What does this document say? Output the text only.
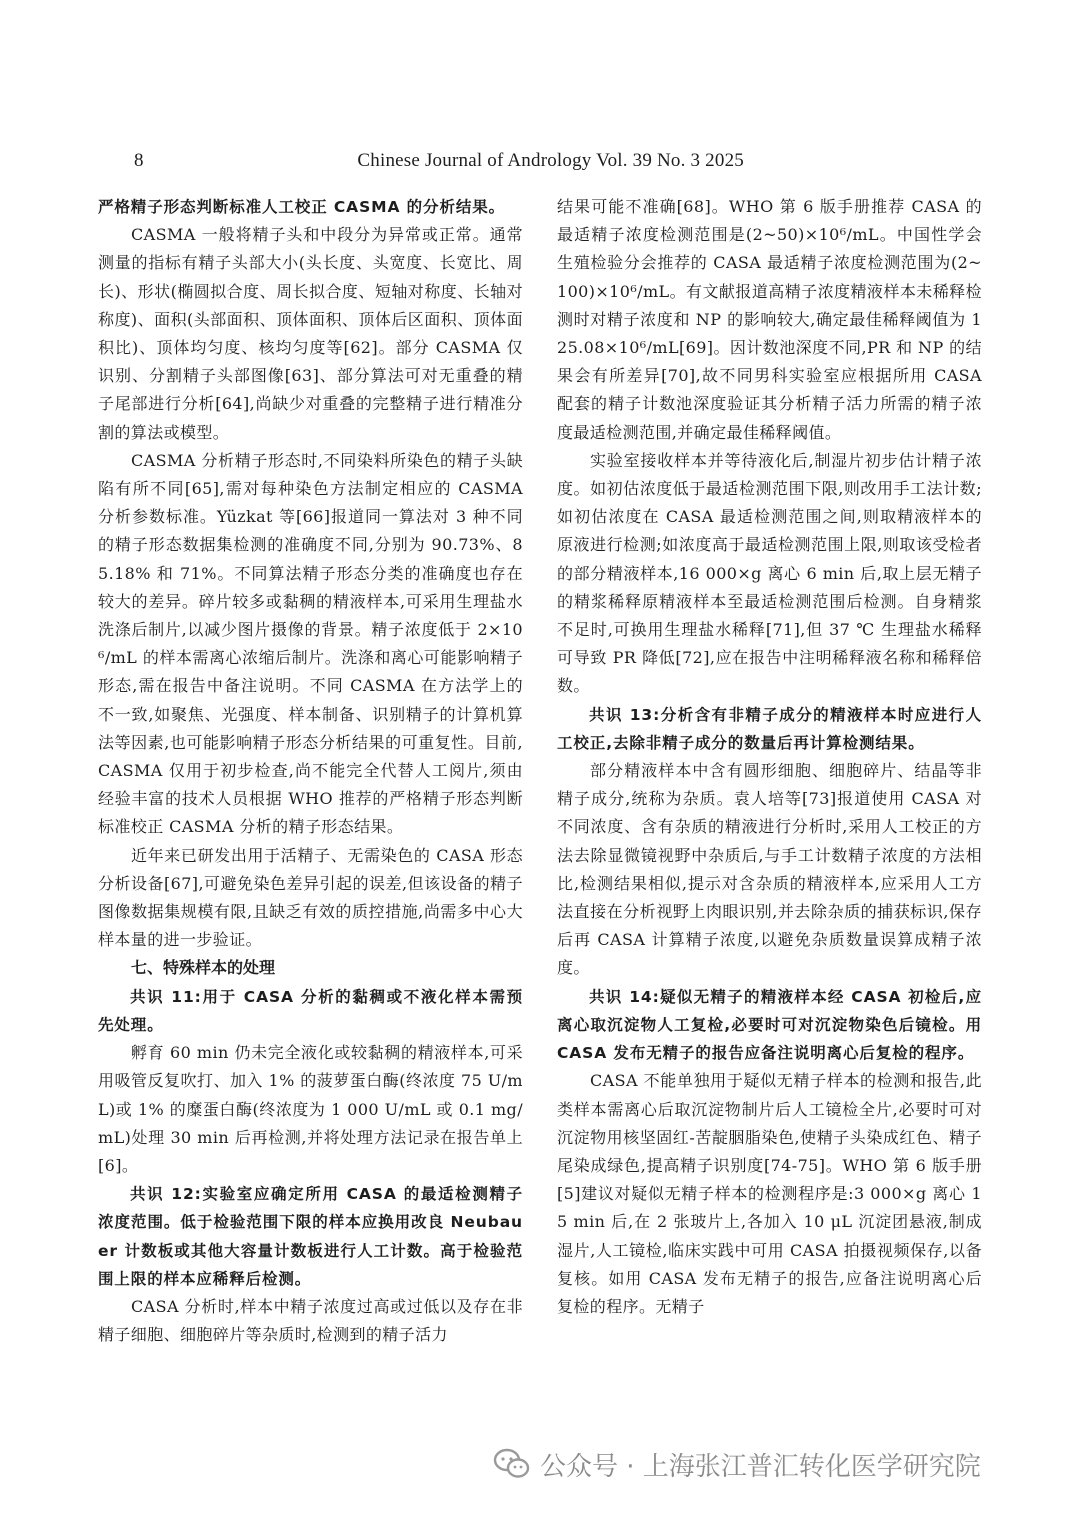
8	Chinese Journal of Andrology Vol. 39 No. 3 2025

严格精子形态判断标准人工校正 CASMA 的分析结果。

CASMA 一般将精子头和中段分为异常或正常。通常测量的指标有精子头部大小(头长度、头宽度、长宽比、周长)、形状(椭圆拟合度、周长拟合度、短轴对称度、长轴对称度)、面积(头部面积、顶体面积、顶体后区面积、顶体面积比)、顶体均匀度、核均匀度等[62]。部分 CASMA 仅识别、分割精子头部图像[63]、部分算法可对无重叠的精子尾部进行分析[64],尚缺少对重叠的完整精子进行精准分割的算法或模型。

CASMA 分析精子形态时,不同染料所染色的精子头缺陷有所不同[65],需对每种染色方法制定相应的 CASMA 分析参数标准。Yüzkat 等[66]报道同一算法对 3 种不同的精子形态数据集检测的准确度不同,分别为 90.73%、85.18% 和 71%。不同算法精子形态分类的准确度也存在较大的差异。碎片较多或黏稠的精液样本,可采用生理盐水洗涤后制片,以减少图片摄像的背景。精子浓度低于 2×10⁶/mL 的样本需离心浓缩后制片。洗涤和离心可能影响精子形态,需在报告中备注说明。不同 CASMA 在方法学上的不一致,如聚焦、光强度、样本制备、识别精子的计算机算法等因素,也可能影响精子形态分析结果的可重复性。目前,CASMA 仅用于初步检查,尚不能完全代替人工阅片,须由经验丰富的技术人员根据 WHO 推荐的严格精子形态判断标准校正 CASMA 分析的精子形态结果。

近年来已研发出用于活精子、无需染色的 CASA 形态分析设备[67],可避免染色差异引起的误差,但该设备的精子图像数据集规模有限,且缺乏有效的质控措施,尚需多中心大样本量的进一步验证。

七、特殊样本的处理

共识 11:用于 CASA 分析的黏稠或不液化样本需预先处理。

孵育 60 min 仍未完全液化或较黏稠的精液样本,可采用吸管反复吹打、加入 1% 的菠萝蛋白酶(终浓度 75 U/mL)或 1% 的糜蛋白酶(终浓度为 1 000 U/mL 或 0.1 mg/mL)处理 30 min 后再检测,并将处理方法记录在报告单上[6]。

共识 12:实验室应确定所用 CASA 的最适检测精子浓度范围。低于检验范围下限的样本应换用改良 Neubauer 计数板或其他大容量计数板进行人工计数。高于检验范围上限的样本应稀释后检测。

CASA 分析时,样本中精子浓度过高或过低以及存在非精子细胞、细胞碎片等杂质时,检测到的精子活力

结果可能不准确[68]。WHO 第 6 版手册推荐 CASA 的最适精子浓度检测范围是(2~50)×10⁶/mL。中国性学会生殖检验分会推荐的 CASA 最适精子浓度检测范围为(2~100)×10⁶/mL。有文献报道高精子浓度精液样本未稀释检测时对精子浓度和 NP 的影响较大,确定最佳稀释阈值为 125.08×10⁶/mL[69]。因计数池深度不同,PR 和 NP 的结果会有所差异[70],故不同男科实验室应根据所用 CASA 配套的精子计数池深度验证其分析精子活力所需的精子浓度最适检测范围,并确定最佳稀释阈值。

实验室接收样本并等待液化后,制湿片初步估计精子浓度。如初估浓度低于最适检测范围下限,则改用手工法计数;如初估浓度在 CASA 最适检测范围之间,则取精液样本的原液进行检测;如浓度高于最适检测范围上限,则取该受检者的部分精液样本,16 000×g 离心 6 min 后,取上层无精子的精浆稀释原精液样本至最适检测范围后检测。自身精浆不足时,可换用生理盐水稀释[71],但 37 ℃ 生理盐水稀释可导致 PR 降低[72],应在报告中注明稀释液名称和稀释倍数。

共识 13:分析含有非精子成分的精液样本时应进行人工校正,去除非精子成分的数量后再计算检测结果。

部分精液样本中含有圆形细胞、细胞碎片、结晶等非精子成分,统称为杂质。袁人培等[73]报道使用 CASA 对不同浓度、含有杂质的精液进行分析时,采用人工校正的方法去除显微镜视野中杂质后,与手工计数精子浓度的方法相比,检测结果相似,提示对含杂质的精液样本,应采用人工方法直接在分析视野上肉眼识别,并去除杂质的捕获标识,保存后再 CASA 计算精子浓度,以避免杂质数量误算成精子浓度。

共识 14:疑似无精子的精液样本经 CASA 初检后,应离心取沉淀物人工复检,必要时可对沉淀物染色后镜检。用 CASA 发布无精子的报告应备注说明离心后复检的程序。

CASA 不能单独用于疑似无精子样本的检测和报告,此类样本需离心后取沉淀物制片后人工镜检全片,必要时可对沉淀物用核坚固红-苦靛胭脂染色,使精子头染成红色、精子尾染成绿色,提高精子识别度[74-75]。WHO 第 6 版手册[5]建议对疑似无精子样本的检测程序是:3 000×g 离心 15 min 后,在 2 张玻片上,各加入 10 μL 沉淀团悬液,制成湿片,人工镜检,临床实践中可用 CASA 拍摄视频保存,以备复核。如用 CASA 发布无精子的报告,应备注说明离心后复检的程序。无精子

公众号 · 上海张江普汇转化医学研究院
